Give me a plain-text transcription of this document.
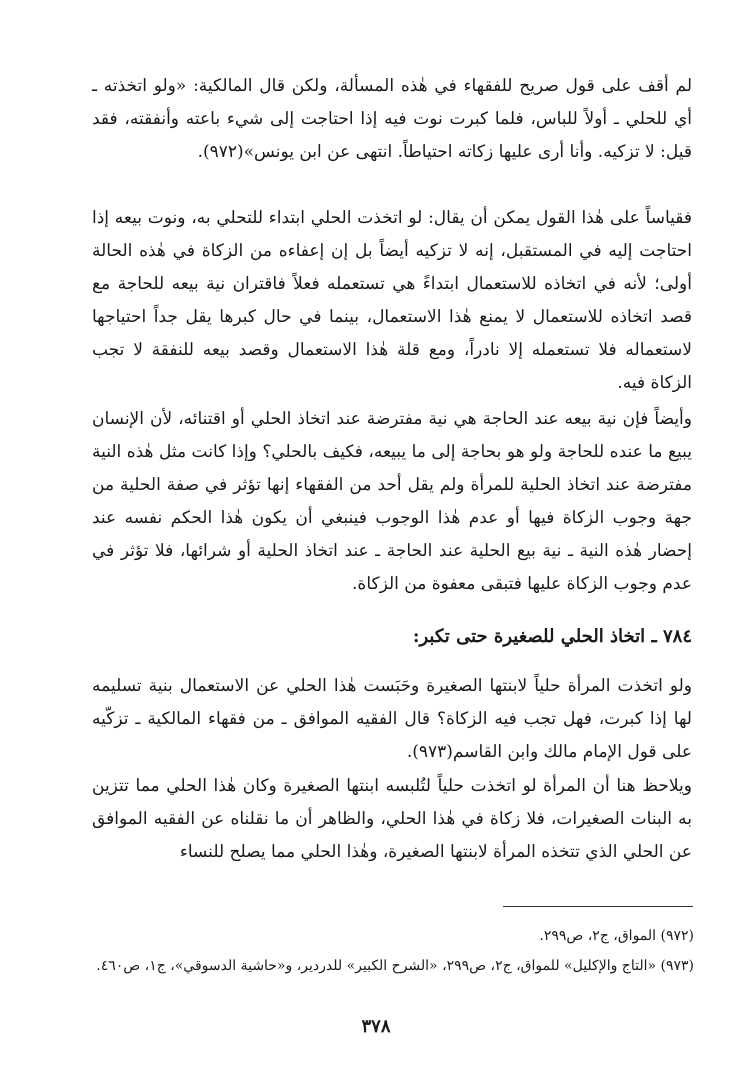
لم أقف على قول صريح للفقهاء في هٰذه المسألة، ولكن قال المالكية: «ولو اتخذته ـ أي للحلي ـ أولاً للباس، فلما كبرت نوت فيه إذا احتاجت إلى شيء باعته وأنفقته، فقد قيل: لا تزكيه. وأنا أرى عليها زكاته احتياطاً. انتهى عن ابن يونس»(٩٧٢).

فقياساً على هٰذا القول يمكن أن يقال: لو اتخذت الحلي ابتداء للتحلي به، ونوت بيعه إذا احتاجت إليه في المستقبل، إنه لا تزكيه أيضاً بل إن إعفاءه من الزكاة في هٰذه الحالة أولى؛ لأنه في اتخاذه للاستعمال ابتداءً هي تستعمله فعلاً فاقتران نية بيعه للحاجة مع قصد اتخاذه للاستعمال لا يمنع هٰذا الاستعمال، بينما في حال كبرها يقل جداً احتياجها لاستعماله فلا تستعمله إلا نادراً، ومع قلة هٰذا الاستعمال وقصد بيعه للنفقة لا تجب الزكاة فيه.

وأيضاً فإن نية بيعه عند الحاجة هي نية مفترضة عند اتخاذ الحلي أو اقتنائه، لأن الإنسان يبيع ما عنده للحاجة ولو هو بحاجة إلى ما يبيعه، فكيف بالحلي؟ وإذا كانت مثل هٰذه النية مفترضة عند اتخاذ الحلية للمرأة ولم يقل أحد من الفقهاء إنها تؤثر في صفة الحلية من جهة وجوب الزكاة فيها أو عدم هٰذا الوجوب فينبغي أن يكون هٰذا الحكم نفسه عند إحضار هٰذه النية ـ نية بيع الحلية عند الحاجة ـ عند اتخاذ الحلية أو شرائها، فلا تؤثر في عدم وجوب الزكاة عليها فتبقى معفوة من الزكاة.

٧٨٤ ـ اتخاذ الحلي للصغيرة حتى تكبر:

ولو اتخذت المرأة حلياً لابنتها الصغيرة وحَبَست هٰذا الحلي عن الاستعمال بنية تسليمه لها إذا كبرت، فهل تجب فيه الزكاة؟ قال الفقيه الموافق ـ من فقهاء المالكية ـ تزكّيه على قول الإمام مالك وابن القاسم(٩٧٣).

ويلاحظ هنا أن المرأة لو اتخذت حلياً لتُلبسه ابنتها الصغيرة وكان هٰذا الحلي مما تتزين به البنات الصغيرات، فلا زكاة في هٰذا الحلي، والظاهر أن ما نقلناه عن الفقيه الموافق عن الحلي الذي تتخذه المرأة لابنتها الصغيرة، وهٰذا الحلي مما يصلح للنساء

(٩٧٢) المواق، ج٢، ص٢٩٩.

(٩٧٣) «التاج والإكليل» للمواق، ج٢، ص٢٩٩، «الشرح الكبير» للدردير، و«حاشية الدسوقي»، ج١، ص٤٦٠.

٣٧٨
